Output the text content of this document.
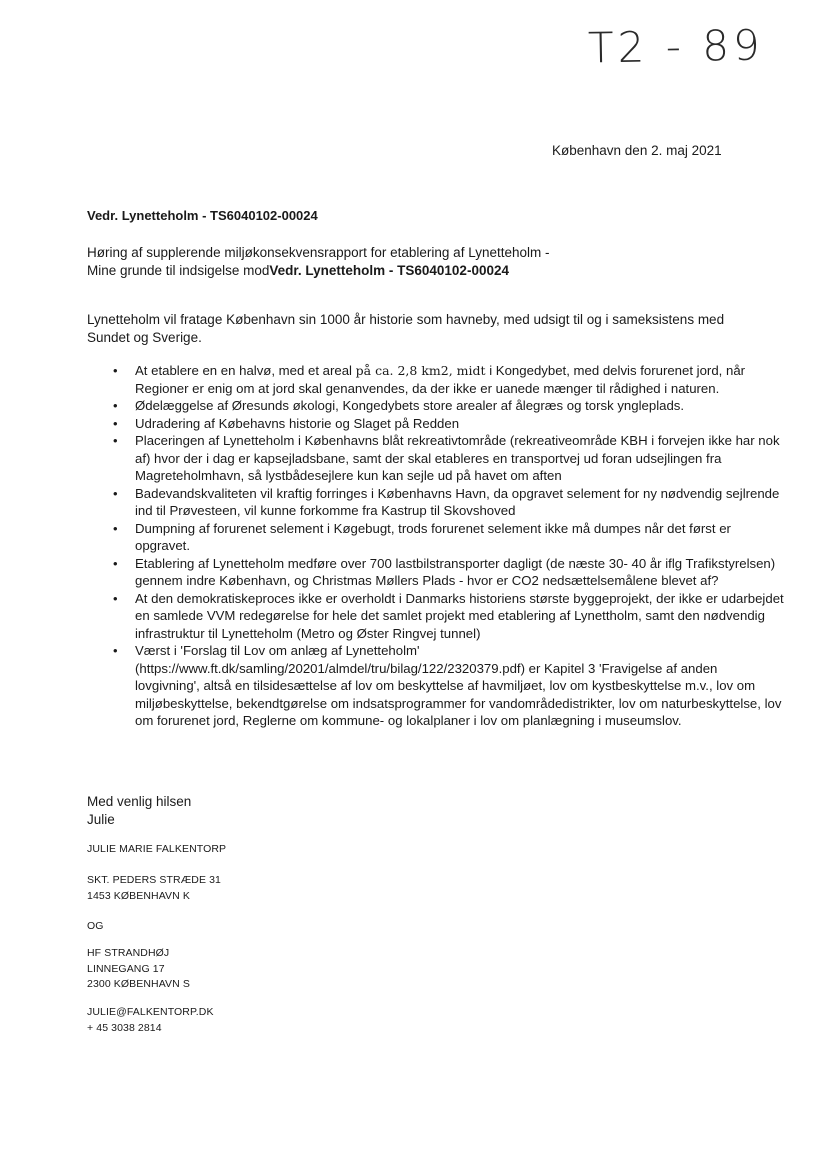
T2 - 89
København den 2. maj 2021
Vedr. Lynetteholm - TS6040102-00024
Høring af supplerende miljøkonsekvensrapport for etablering af Lynetteholm -
Mine grunde til indsigelse modVedr. Lynetteholm - TS6040102-00024
Lynetteholm vil fratage København sin 1000 år historie som havneby, med udsigt til og i sameksistens med Sundet og Sverige.
• At etablere en en halvø, med et areal på ca. 2,8 km2, midt i Kongedybet, med delvis forurenet jord, når Regioner er enig om at jord skal genanvendes, da der ikke er uanede mænger til rådighed i naturen.
• Ødelæggelse af Øresunds økologi, Kongedybets store arealer af ålegræs og torsk yngleplads.
• Udradering af Købehavns historie og Slaget på Redden
• Placeringen af Lynetteholm i Københavns blåt rekreativtområde (rekreativeområde KBH i forvejen ikke har nok af) hvor der i dag er kapsejladsbane, samt der skal etableres en transportvej ud foran udsejlingen fra Magreteholmhavn, så lystbådesejlere kun kan sejle ud på havet om aften
• Badevandskvaliteten vil kraftig forringes i Københavns Havn, da opgravet selement for ny nødvendig sejlrende ind til Prøvesteen, vil kunne forkomme fra Kastrup til Skovshoved
• Dumpning af forurenet selement i Køgebugt, trods forurenet selement ikke må dumpes når det først er opgravet.
• Etablering af Lynetteholm medføre over 700 lastbilstransporter dagligt (de næste 30- 40 år iflg Trafikstyrelsen) gennem indre København, og Christmas Møllers Plads - hvor er CO2 nedsættelsemålene blevet af?
• At den demokratiskeproces ikke er overholdt i Danmarks historiens største byggeprojekt, der ikke er udarbejdet en samlede VVM redegørelse for hele det samlet projekt med etablering af Lynettholm, samt den nødvendig infrastruktur til Lynetteholm (Metro og Øster Ringvej tunnel)
• Værst i 'Forslag til Lov om anlæg af Lynetteholm' (https://www.ft.dk/samling/20201/almdel/tru/bilag/122/2320379.pdf) er Kapitel 3 'Fravigelse af anden lovgivning', altså en tilsidesættelse af lov om beskyttelse af havmiljøet, lov om kystbeskyttelse m.v., lov om miljøbeskyttelse, bekendtgørelse om indsatsprogrammer for vandområdedistrikter, lov om naturbeskyttelse, lov om forurenet jord, Reglerne om kommune- og lokalplaner i lov om planlægning i museumslov.
Med venlig hilsen
Julie
JULIE MARIE FALKENTORP
SKT. PEDERS STRÆDE 31
1453 KØBENHAVN K
OG
HF STRANDHØJ
LINNEGANG 17
2300 KØBENHAVN S
JULIE@FALKENTORP.DK
+ 45 3038 2814
